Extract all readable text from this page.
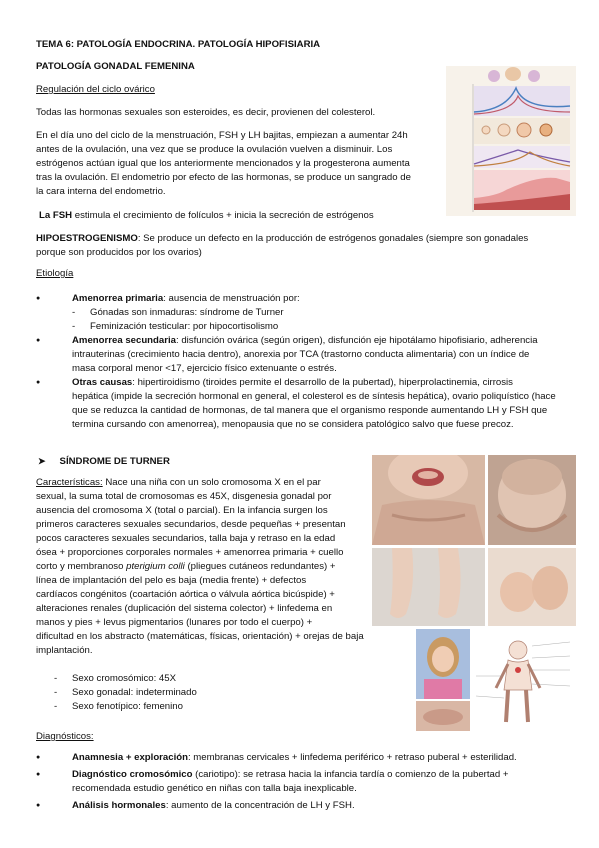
TEMA 6: PATOLOGÍA ENDOCRINA. PATOLOGÍA HIPOFISIARIA
PATOLOGÍA GONADAL FEMENINA
Regulación del ciclo ovárico
Todas las hormonas sexuales son esteroides, es decir, provienen del colesterol.

En el día uno del ciclo de la menstruación, FSH y LH bajitas, empiezan a aumentar 24h

antes de la ovulación, una vez que se produce la ovulación vuelven a disminuir. Los

estrógenos actúan igual que los anteriormente mencionados y la progesterona aumenta

tras la ovulación. El endometrio por efecto de las hormonas, se produce un sangrado de

la cara interna del endometrio.

La FSH estimula el crecimiento de folículos + inicia la secreción de estrógenos

HIPOESTROGENISMO: Se produce un defecto en la producción de estrógenos gonadales (siempre son gonadales

porque son producidos por los ovarios)

Etiología
● Amenorrea primaria: ausencia de menstruación por:
- Gónadas son inmaduras: síndrome de Turner
- Feminización testicular: por hipocortisolismo

● Amenorrea secundaria: disfunción ovárica (según origen), disfunción eje hipotálamo hipofisiario, adherencia

intrauterinas (crecimiento hacia dentro), anorexia por TCA (trastorno conducta alimentaria) con un índice de

masa corporal menor <17, ejercicio físico extenuante o estrés.

● Otras causas: hipertiroidismo (tiroides permite el desarrollo de la pubertad), hiperprolactinemia, cirrosis

hepática (impide la secreción hormonal en general, el colesterol es de síntesis hepática), ovario poliquístico (hace

que se reduzca la cantidad de hormonas, de tal manera que el organismo responde aumentando LH y FSH que

termina cursando con amenorrea), menopausia que no se considera patológico salvo que fuese precoz.

➤ SÍNDROME DE TURNER

Características: Nace una niña con un solo cromosoma X en el par

sexual, la suma total de cromosomas es 45X, disgenesia gonadal por

ausencia del cromosoma X (total o parcial). En la infancia surgen los

primeros caracteres sexuales secundarios, desde pequeñas + presentan

pocos caracteres sexuales secundarios, talla baja y retraso en la edad

ósea + proporciones corporales normales + amenorrea primaria + cuello

corto y membranoso pterigium colli (pliegues cutáneos redundantes) +

línea de implantación del pelo es baja (media frente) + defectos

cardíacos congénitos (coartación aórtica o válvula aórtica bicúspide) +

alteraciones renales (duplicación del sistema colector) + linfedema en

manos y pies + levus pigmentarios (lunares por todo el cuerpo) +

dificultad en los abstracto (matemáticas, físicas, orientación) + orejas de baja

implantación.

- Sexo cromosómico: 45X
- Sexo gonadal: indeterminado
- Sexo fenotípico: femenino
Diagnósticos:
● Anamnesia + exploración: membranas cervicales + linfedema periférico + retraso puberal + esterilidad.

● Diagnóstico cromosómico (cariotipo): se retrasa hacia la infancia tardía o comienzo de la pubertad +

recomendada estudio genético en niñas con talla baja inexplicable.

● Análisis hormonales: aumento de la concentración de LH y FSH.
